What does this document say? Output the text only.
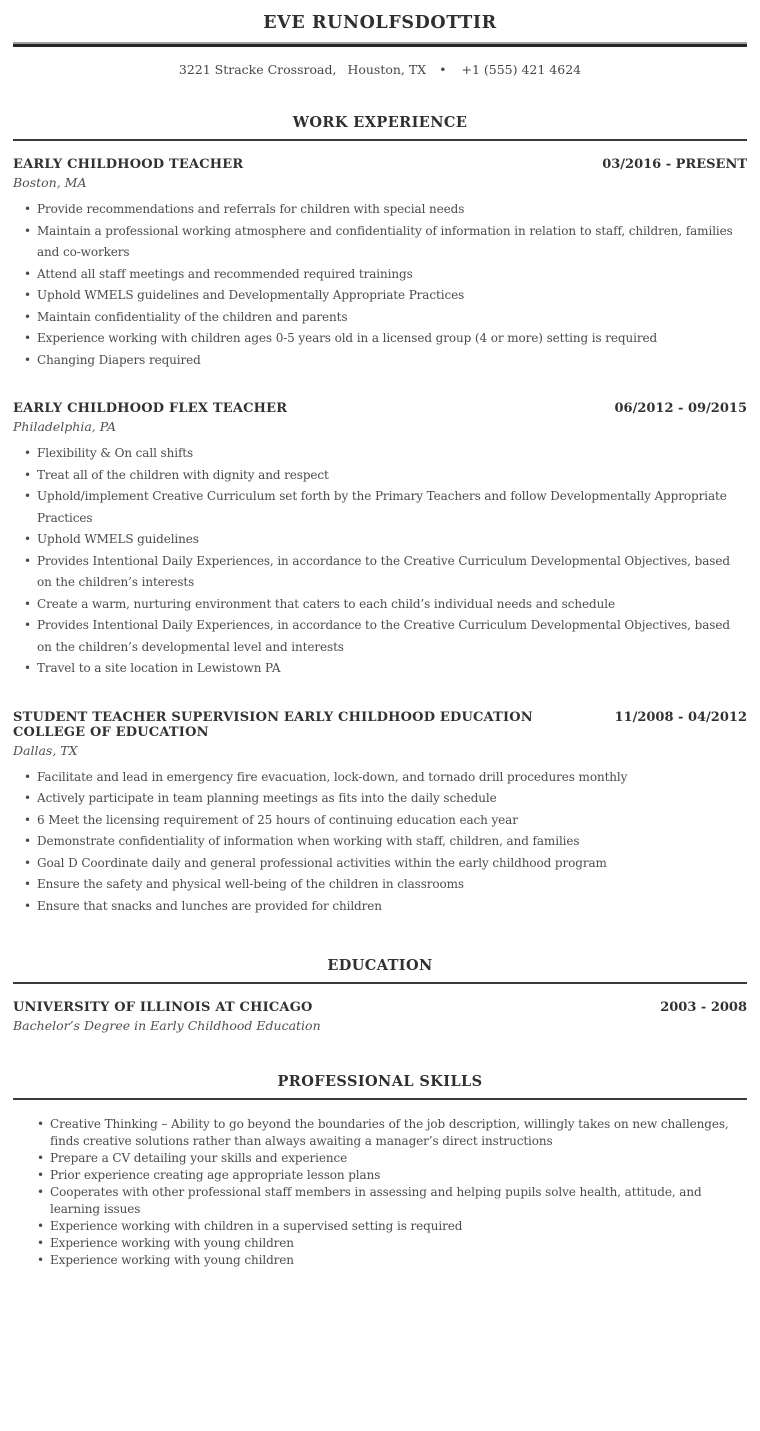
EVE RUNOLFSDOTTIR
3221 Stracke Crossroad, Houston, TX • +1 (555) 421 4624
WORK EXPERIENCE
EARLY CHILDHOOD TEACHER	03/2016 - PRESENT
Boston, MA
• Provide recommendations and referrals for children with special needs
• Maintain a professional working atmosphere and confidentiality of information in relation to staff, children, families and co-workers
• Attend all staff meetings and recommended required trainings
• Uphold WMELS guidelines and Developmentally Appropriate Practices
• Maintain confidentiality of the children and parents
• Experience working with children ages 0-5 years old in a licensed group (4 or more) setting is required
• Changing Diapers required
EARLY CHILDHOOD FLEX TEACHER	06/2012 - 09/2015
Philadelphia, PA
• Flexibility & On call shifts
• Treat all of the children with dignity and respect
• Uphold/implement Creative Curriculum set forth by the Primary Teachers and follow Developmentally Appropriate Practices
• Uphold WMELS guidelines
• Provides Intentional Daily Experiences, in accordance to the Creative Curriculum Developmental Objectives, based on the children’s interests
• Create a warm, nurturing environment that caters to each child’s individual needs and schedule
• Provides Intentional Daily Experiences, in accordance to the Creative Curriculum Developmental Objectives, based on the children’s developmental level and interests
• Travel to a site location in Lewistown PA
STUDENT TEACHER SUPERVISION EARLY CHILDHOOD EDUCATION COLLEGE OF EDUCATION
11/2008 - 04/2012
Dallas, TX
• Facilitate and lead in emergency fire evacuation, lock-down, and tornado drill procedures monthly
• Actively participate in team planning meetings as fits into the daily schedule
• 6 Meet the licensing requirement of 25 hours of continuing education each year
• Demonstrate confidentiality of information when working with staff, children, and families
• Goal D Coordinate daily and general professional activities within the early childhood program
• Ensure the safety and physical well-being of the children in classrooms
• Ensure that snacks and lunches are provided for children
EDUCATION
UNIVERSITY OF ILLINOIS AT CHICAGO	2003 - 2008
Bachelor’s Degree in Early Childhood Education
PROFESSIONAL SKILLS
• Creative Thinking – Ability to go beyond the boundaries of the job description, willingly takes on new challenges, finds creative solutions rather than always awaiting a manager’s direct instructions
• Prepare a CV detailing your skills and experience
• Prior experience creating age appropriate lesson plans
• Cooperates with other professional staff members in assessing and helping pupils solve health, attitude, and learning issues
• Experience working with children in a supervised setting is required
• Experience working with young children
• Experience working with young children
